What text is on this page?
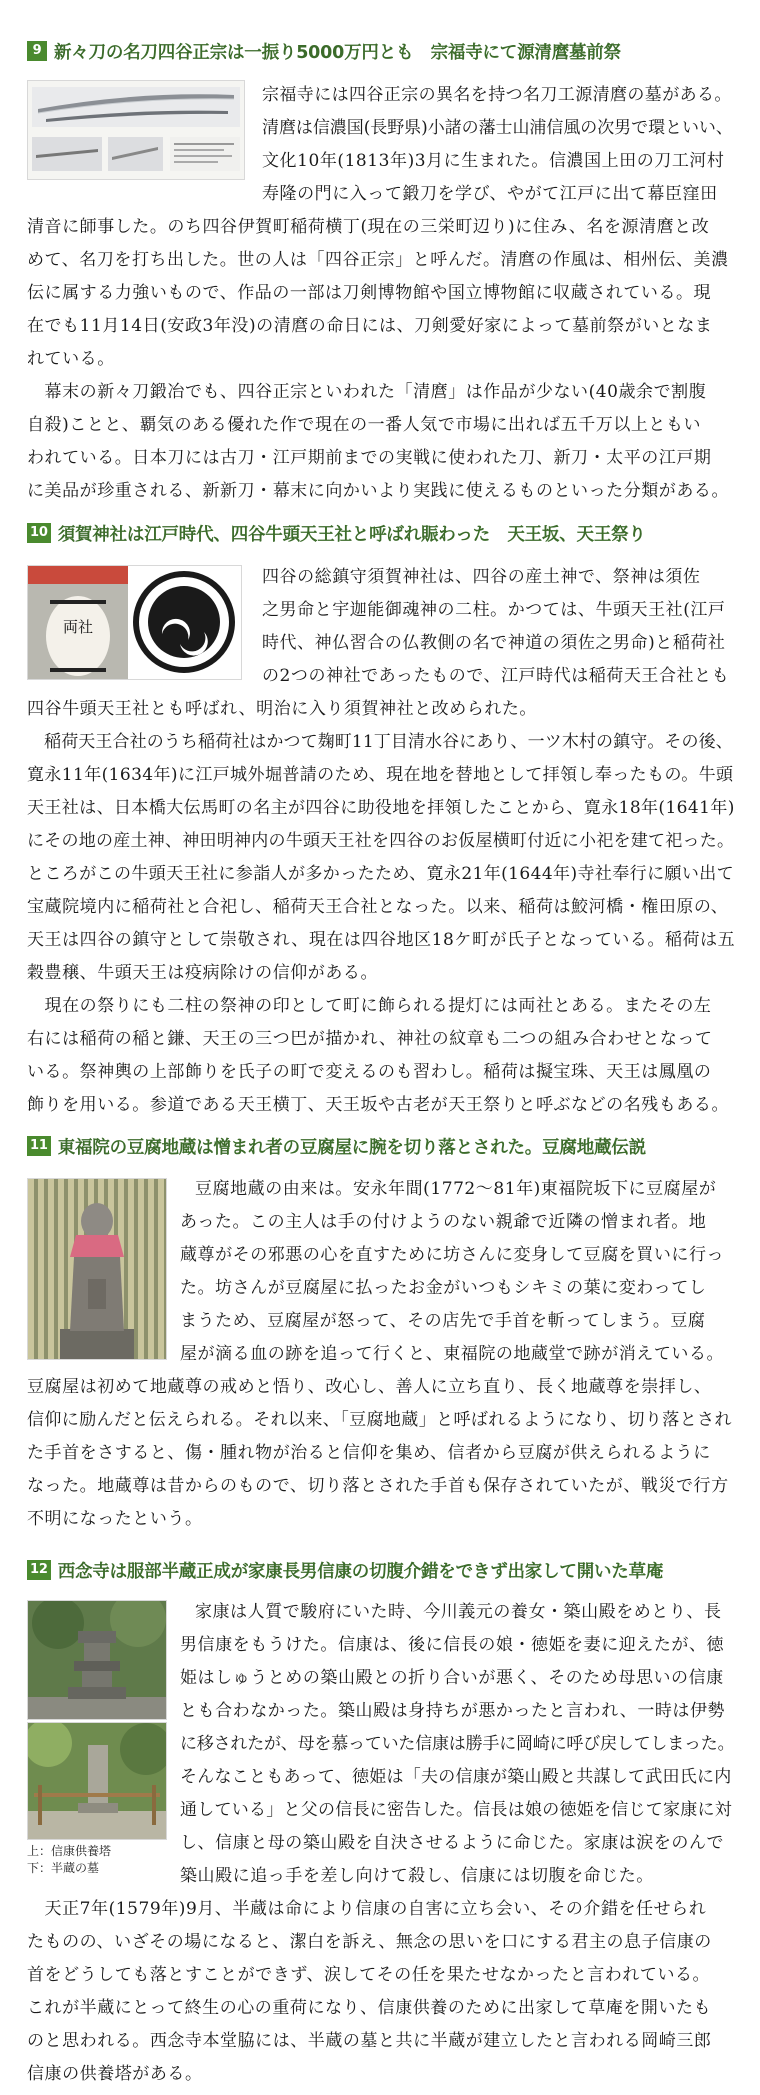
9 新々刀の名刀四谷正宗は一振り5000万円とも　宗福寺にて源清麿墓前祭
宗福寺には四谷正宗の異名を持つ名刀工源清麿の墓がある。
清麿は信濃国(長野県)小諸の藩士山浦信風の次男で環といい、
文化10年(1813年)3月に生まれた。信濃国上田の刀工河村
寿隆の門に入って鍛刀を学び、やがて江戸に出て幕臣窪田
清音に師事した。のち四谷伊賀町稲荷横丁(現在の三栄町辺り)に住み、名を源清麿と改
めて、名刀を打ち出した。世の人は「四谷正宗」と呼んだ。清麿の作風は、相州伝、美濃
伝に属する力強いもので、作品の一部は刀剣博物館や国立博物館に収蔵されている。現
在でも11月14日(安政3年没)の清麿の命日には、刀剣愛好家によって墓前祭がいとなま
れている。
　幕末の新々刀鍛冶でも、四谷正宗といわれた「清麿」は作品が少ない(40歳余で割腹
自殺)ことと、覇気のある優れた作で現在の一番人気で市場に出れば五千万以上ともい
われている。日本刀には古刀・江戸期前までの実戦に使われた刀、新刀・太平の江戸期
に美品が珍重される、新新刀・幕末に向かいより実践に使えるものといった分類がある。
10 須賀神社は江戸時代、四谷牛頭天王社と呼ばれ賑わった　天王坂、天王祭り
両社
四谷の総鎮守須賀神社は、四谷の産土神で、祭神は須佐
之男命と宇迦能御魂神の二柱。かつては、牛頭天王社(江戸
時代、神仏習合の仏教側の名で神道の須佐之男命)と稲荷社
の2つの神社であったもので、江戸時代は稲荷天王合社とも
四谷牛頭天王社とも呼ばれ、明治に入り須賀神社と改められた。
　稲荷天王合社のうち稲荷社はかつて麹町11丁目清水谷にあり、一ツ木村の鎮守。その後、
寛永11年(1634年)に江戸城外堀普請のため、現在地を替地として拝領し奉ったもの。牛頭
天王社は、日本橋大伝馬町の名主が四谷に助役地を拝領したことから、寛永18年(1641年)
にその地の産土神、神田明神内の牛頭天王社を四谷のお仮屋横町付近に小祀を建て祀った。
ところがこの牛頭天王社に参詣人が多かったため、寛永21年(1644年)寺社奉行に願い出て
宝蔵院境内に稲荷社と合祀し、稲荷天王合社となった。以来、稲荷は鮫河橋・権田原の、
天王は四谷の鎮守として崇敬され、現在は四谷地区18ケ町が氏子となっている。稲荷は五
穀豊穣、牛頭天王は疫病除けの信仰がある。
　現在の祭りにも二柱の祭神の印として町に飾られる提灯には両社とある。またその左
右には稲荷の稲と鎌、天王の三つ巴が描かれ、神社の紋章も二つの組み合わせとなって
いる。祭神輿の上部飾りを氏子の町で変えるのも習わし。稲荷は擬宝珠、天王は鳳凰の
飾りを用いる。参道である天王横丁、天王坂や古老が天王祭りと呼ぶなどの名残もある。
11 東福院の豆腐地蔵は憎まれ者の豆腐屋に腕を切り落とされた。豆腐地蔵伝説
豆腐地蔵の由来は。安永年間(1772～81年)東福院坂下に豆腐屋が
あった。この主人は手の付けようのない親爺で近隣の憎まれ者。地
蔵尊がその邪悪の心を直すために坊さんに変身して豆腐を買いに行っ
た。坊さんが豆腐屋に払ったお金がいつもシキミの葉に変わってし
まうため、豆腐屋が怒って、その店先で手首を斬ってしまう。豆腐
屋が滴る血の跡を追って行くと、東福院の地蔵堂で跡が消えている。
豆腐屋は初めて地蔵尊の戒めと悟り、改心し、善人に立ち直り、長く地蔵尊を崇拝し、
信仰に励んだと伝えられる。それ以来、「豆腐地蔵」と呼ばれるようになり、切り落とされ
た手首をさすると、傷・腫れ物が治ると信仰を集め、信者から豆腐が供えられるように
なった。地蔵尊は昔からのもので、切り落とされた手首も保存されていたが、戦災で行方
不明になったという。
12 西念寺は服部半蔵正成が家康長男信康の切腹介錯をできず出家して開いた草庵
上：信康供養塔
下：半蔵の墓
家康は人質で駿府にいた時、今川義元の養女・築山殿をめとり、長
男信康をもうけた。信康は、後に信長の娘・徳姫を妻に迎えたが、徳
姫はしゅうとめの築山殿との折り合いが悪く、そのため母思いの信康
とも合わなかった。築山殿は身持ちが悪かったと言われ、一時は伊勢
に移されたが、母を慕っていた信康は勝手に岡崎に呼び戻してしまった。
そんなこともあって、徳姫は「夫の信康が築山殿と共謀して武田氏に内
通している」と父の信長に密告した。信長は娘の徳姫を信じて家康に対
し、信康と母の築山殿を自決させるように命じた。家康は涙をのんで
築山殿に追っ手を差し向けて殺し、信康には切腹を命じた。
　天正7年(1579年)9月、半蔵は命により信康の自害に立ち会い、その介錯を任せられ
たものの、いざその場になると、潔白を訴え、無念の思いを口にする君主の息子信康の
首をどうしても落とすことができず、涙してその任を果たせなかったと言われている。
これが半蔵にとって終生の心の重荷になり、信康供養のために出家して草庵を開いたも
のと思われる。西念寺本堂脇には、半蔵の墓と共に半蔵が建立したと言われる岡崎三郎
信康の供養塔がある。
